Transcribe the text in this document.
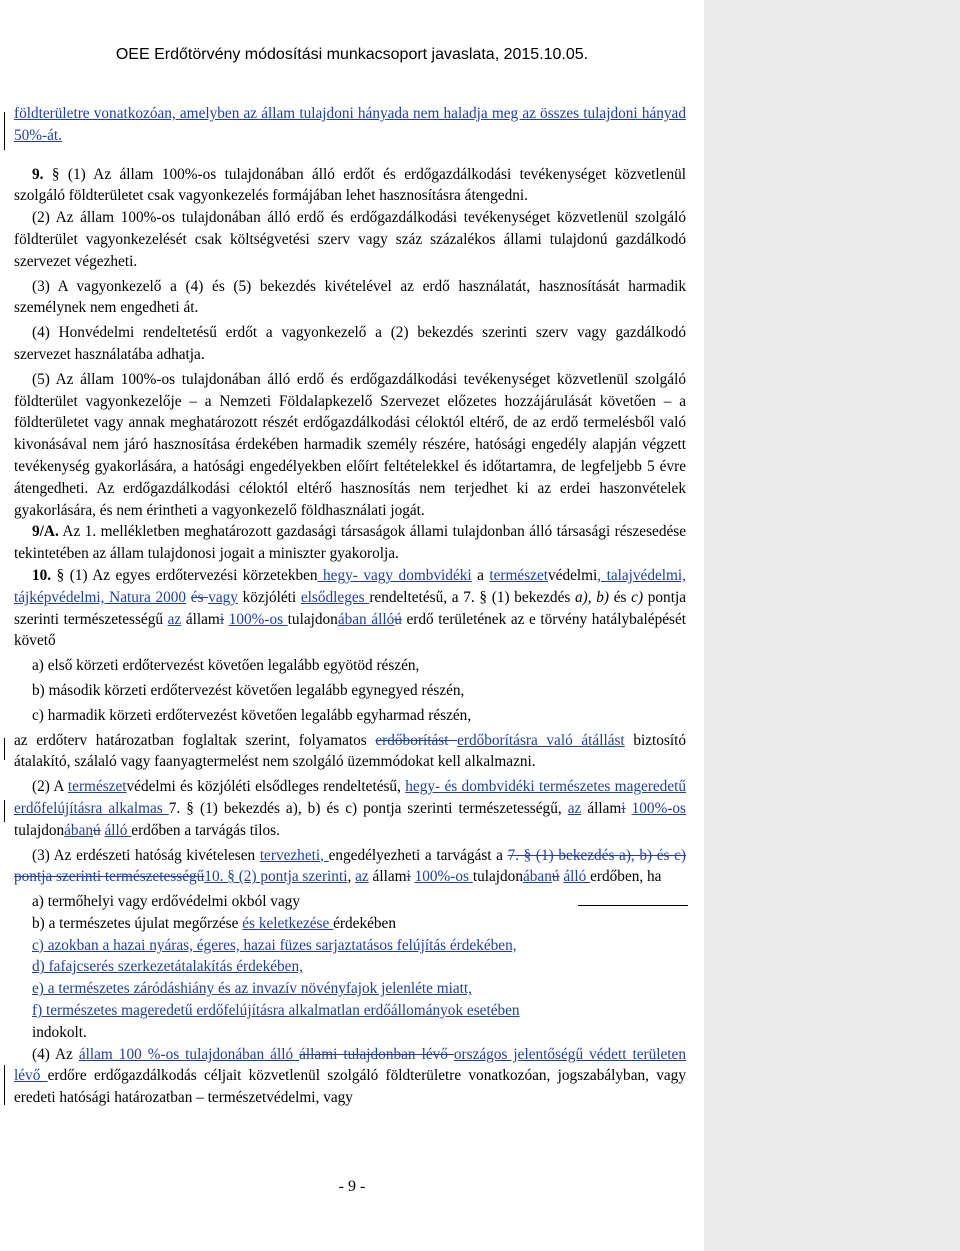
OEE Erdőtörvény módosítási munkacsoport javaslata, 2015.10.05.

földterületre vonatkozóan, amelyben az állam tulajdoni hányada nem haladja meg az összes tulajdoni hányad 50%-át.

9. § (1) Az állam 100%-os tulajdonában álló erdőt és erdőgazdálkodási tevékenységet közvetlenül szolgáló földterületet csak vagyonkezelés formájában lehet hasznosításra átengedni.

(2) Az állam 100%-os tulajdonában álló erdő és erdőgazdálkodási tevékenységet közvetlenül szolgáló földterület vagyonkezelését csak költségvetési szerv vagy száz százalékos állami tulajdonú gazdálkodó szervezet végezheti.

(3) A vagyonkezelő a (4) és (5) bekezdés kivételével az erdő használatát, hasznosítását harmadik személynek nem engedheti át.

(4) Honvédelmi rendeltetésű erdőt a vagyonkezelő a (2) bekezdés szerinti szerv vagy gazdálkodó szervezet használatába adhatja.

(5) Az állam 100%-os tulajdonában álló erdő és erdőgazdálkodási tevékenységet közvetlenül szolgáló földterület vagyonkezelője – a Nemzeti Földalapkezelő Szervezet előzetes hozzájárulását követően – a földterületet vagy annak meghatározott részét erdőgazdálkodási céloktól eltérő, de az erdő termelésből való kivonásával nem járó hasznosítása érdekében harmadik személy részére, hatósági engedély alapján végzett tevékenység gyakorlására, a hatósági engedélyekben előírt feltételekkel és időtartamra, de legfeljebb 5 évre átengedheti. Az erdőgazdálkodási céloktól eltérő hasznosítás nem terjedhet ki az erdei haszonvételek gyakorlására, és nem érintheti a vagyonkezelő földhasználati jogát.

9/A. Az 1. mellékletben meghatározott gazdasági társaságok állami tulajdonban álló társasági részesedése tekintetében az állam tulajdonosi jogait a miniszter gyakorolja.

10. § (1) Az egyes erdőtervezési körzetekben hegy- vagy dombvidéki a természetvédelmi, talajvédelmi, tájképvédelmi, Natura 2000 és vagy közjóléti elsődleges rendeltetésű, a 7. § (1) bekezdés a), b) és c) pontja szerinti természetességű az állami 100%-os tulajdonában állóú erdő területének az e törvény hatálybalépését követő

a) első körzeti erdőtervezést követően legalább egyötöd részén,

b) második körzeti erdőtervezést követően legalább egynegyed részén,

c) harmadik körzeti erdőtervezést követően legalább egyharmad részén,

az erdőterv határozatban foglaltak szerint, folyamatos erdőborítást erdőborításra való átállást biztosító átalakító, szálaló vagy faanyagtermelést nem szolgáló üzemmódokat kell alkalmazni.

(2) A természetvédelmi és közjóléti elsődleges rendeltetésű, hegy- és dombvidéki természetes mageredetű erdőfelújításra alkalmas 7. § (1) bekezdés a), b) és c) pontja szerinti természetességű, az állami 100%-os tulajdonábanú álló erdőben a tarvágás tilos.

(3) Az erdészeti hatóság kivételesen tervezheti, engedélyezheti a tarvágást a 7. § (1) bekezdés a), b) és c) pontja szerinti természetességű10. § (2) pontja szerinti, az állami 100%-os tulajdonábanú álló erdőben, ha

a) termőhelyi vagy erdővédelmi okból vagy

b) a természetes újulat megőrzése és keletkezése érdekében

c) azokban a hazai nyáras, égeres, hazai füzes sarjaztatásos felújítás érdekében,

d) fafajcserés szerkezetátalakítás érdekében,

e) a természetes záródáshiány és az invazív növényfajok jelenléte miatt,

f) természetes mageredetű erdőfelújításra alkalmatlan erdőállományok esetében

indokolt.

(4) Az állam 100 %-os tulajdonában álló állami tulajdonban lévő országos jelentőségű védett területen lévő erdőre erdőgazdálkodás céljait közvetlenül szolgáló földterületre vonatkozóan, jogszabályban, vagy eredeti hatósági határozatban – természetvédelmi, vagy

- 9 -
